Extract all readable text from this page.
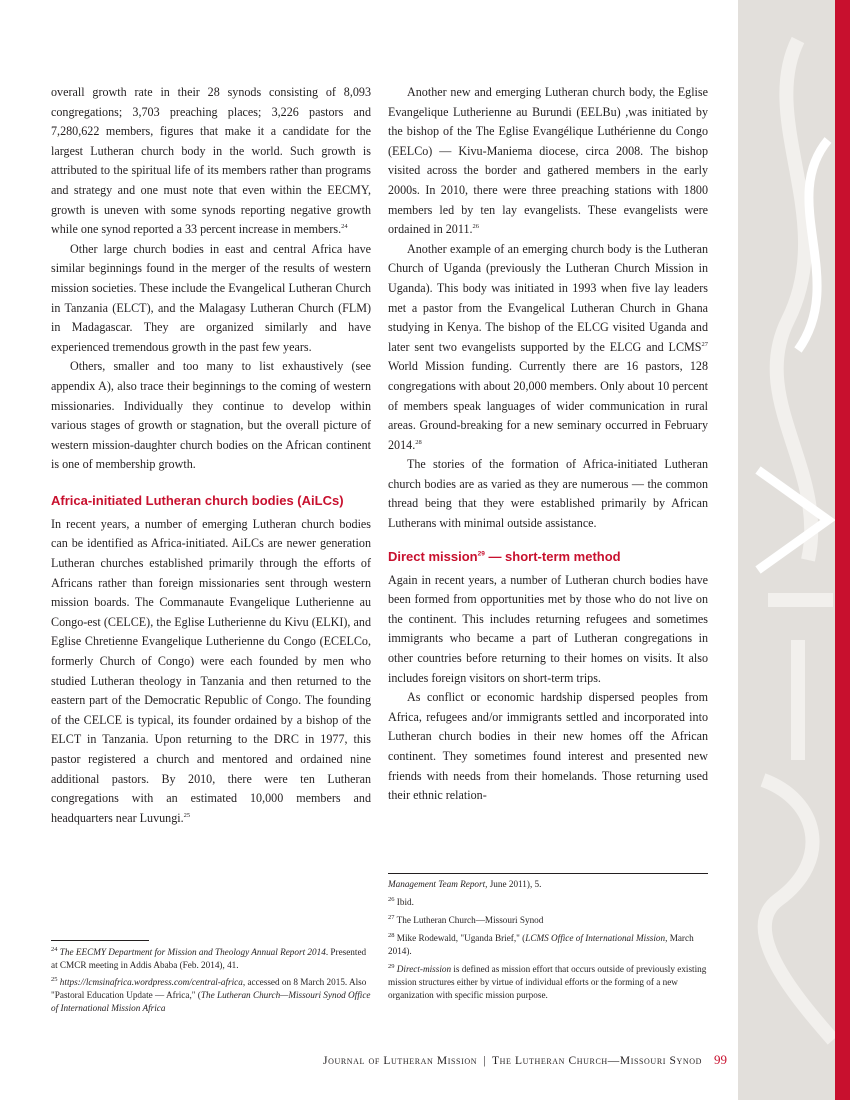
overall growth rate in their 28 synods consisting of 8,093 congregations; 3,703 preaching places; 3,226 pastors and 7,280,622 members, figures that make it a candidate for the largest Lutheran church body in the world. Such growth is attributed to the spiritual life of its members rather than programs and strategy and one must note that even within the EECMY, growth is uneven with some synods reporting negative growth while one synod reported a 33 percent increase in members.$^{24}$

Other large church bodies in east and central Africa have similar beginnings found in the merger of the results of western mission societies. These include the Evangelical Lutheran Church in Tanzania (ELCT), and the Malagasy Lutheran Church (FLM) in Madagascar. They are organized similarly and have experienced tremendous growth in the past few years.

Others, smaller and too many to list exhaustively (see appendix A), also trace their beginnings to the coming of western missionaries. Individually they continue to develop within various stages of growth or stagnation, but the overall picture of western mission-daughter church bodies on the African continent is one of membership growth.

Africa-initiated Lutheran church bodies (AiLCs)

In recent years, a number of emerging Lutheran church bodies can be identified as Africa-initiated. AiLCs are newer generation Lutheran churches established primarily through the efforts of Africans rather than foreign missionaries sent through western mission boards. The Commanaute Evangelique Lutherienne au Congo-est (CELCE), the Eglise Lutherienne du Kivu (ELKI), and Eglise Chretienne Evangelique Lutherienne du Congo (ECELCo, formerly Church of Congo) were each founded by men who studied Lutheran theology in Tanzania and then returned to the eastern part of the Democratic Republic of Congo. The founding of the CELCE is typical, its founder ordained by a bishop of the ELCT in Tanzania. Upon returning to the DRC in 1977, this pastor registered a church and mentored and ordained nine additional pastors. By 2010, there were ten Lutheran congregations with an estimated 10,000 members and headquarters near Luvungi.$^{25}$

$^{24}$ The EECMY Department for Mission and Theology Annual Report 2014. Presented at CMCR meeting in Addis Ababa (Feb. 2014), 41.

$^{25}$ https://lcmsinafrica.wordpress.com/central-africa, accessed on 8 March 2015. Also "Pastoral Education Update — Africa," (The Lutheran Church—Missouri Synod Office of International Mission Africa

Another new and emerging Lutheran church body, the Eglise Evangelique Lutherienne au Burundi (EELBu) ,was initiated by the bishop of the The Eglise Evangélique Luthérienne du Congo (EELCo) — Kivu-Maniema diocese, circa 2008. The bishop visited across the border and gathered members in the early 2000s. In 2010, there were three preaching stations with 1800 members led by ten lay evangelists. These evangelists were ordained in 2011.26

Another example of an emerging church body is the Lutheran Church of Uganda (previously the Lutheran Church Mission in Uganda). This body was initiated in 1993 when five lay leaders met a pastor from the Evangelical Lutheran Church in Ghana studying in Kenya. The bishop of the ELCG visited Uganda and later sent two evangelists supported by the ELCG and LCMS$^{27}$ World Mission funding. Currently there are 16 pastors, 128 congregations with about 20,000 members. Only about 10 percent of members speak languages of wider communication in rural areas. Ground-breaking for a new seminary occurred in February 2014.28

The stories of the formation of Africa-initiated Lutheran church bodies are as varied as they are numerous — the common thread being that they were established primarily by African Lutherans with minimal outside assistance.

Direct mission$^{29}$ — short-term method

Again in recent years, a number of Lutheran church bodies have been formed from opportunities met by those who do not live on the continent. This includes returning refugees and sometimes immigrants who became a part of Lutheran congregations in other countries before returning to their homes on visits. It also includes foreign visitors on short-term trips.

As conflict or economic hardship dispersed peoples from Africa, refugees and/or immigrants settled and incorporated into Lutheran church bodies in their new homes off the African continent. They sometimes found interest and presented new friends with needs from their homelands. Those returning used their ethnic relation-

Management Team Report, June 2011), 5.

$^{26}$ Ibid.

$^{27}$ The Lutheran Church—Missouri Synod

$^{28}$ Mike Rodewald, "Uganda Brief," (LCMS Office of International Mission, March 2014).

$^{29}$ Direct-mission is defined as mission effort that occurs outside of previously existing mission structures either by virtue of individual efforts or the forming of a new organization with specific mission purpose.

Journal of Lutheran Mission | The Lutheran Church—Missouri Synod 99
